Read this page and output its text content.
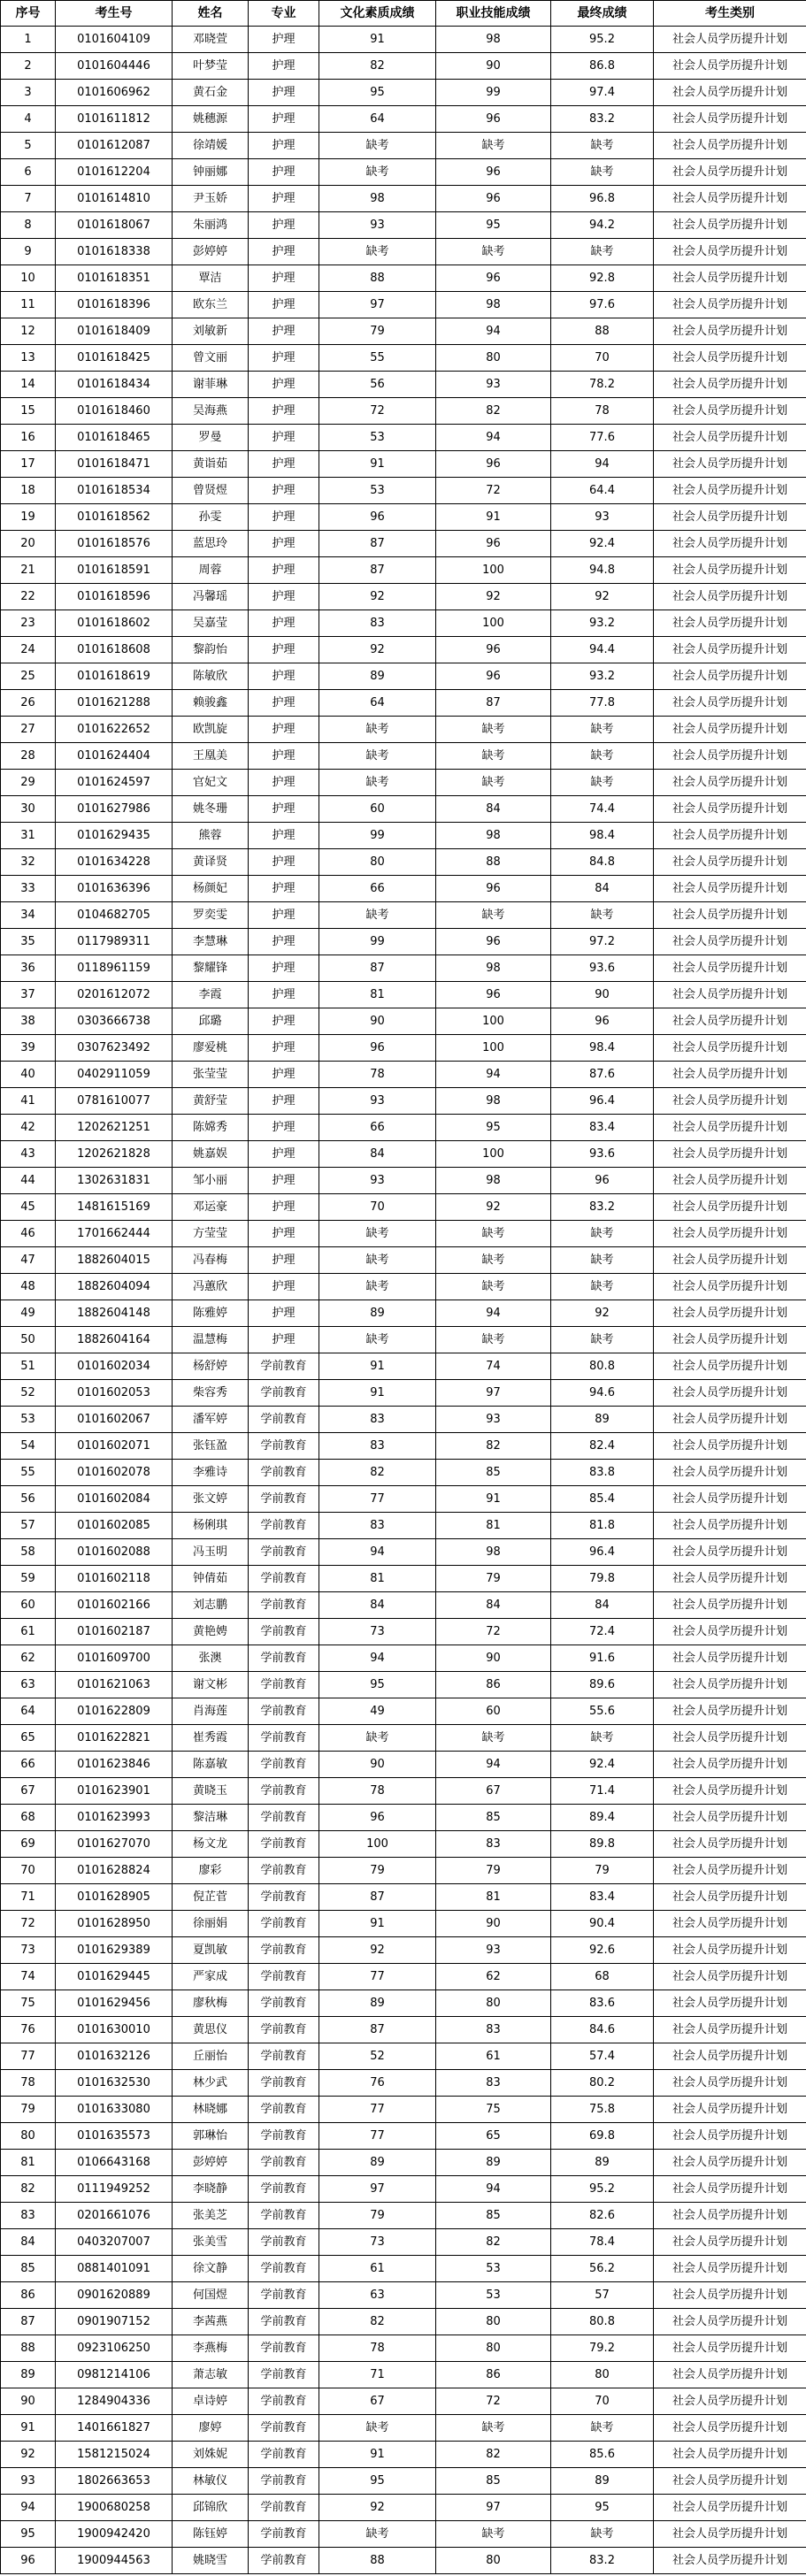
序号	考生号	姓名	专业	文化素质成绩	职业技能成绩	最终成绩	考生类别
1	0101604109	邓晓萱	护理	91	98	95.2	社会人员学历提升计划
2	0101604446	叶梦莹	护理	82	90	86.8	社会人员学历提升计划
3	0101606962	黄石金	护理	95	99	97.4	社会人员学历提升计划
4	0101611812	姚穗源	护理	64	96	83.2	社会人员学历提升计划
5	0101612087	徐靖媛	护理	缺考	缺考	缺考	社会人员学历提升计划
6	0101612204	钟丽娜	护理	缺考	96	缺考	社会人员学历提升计划
7	0101614810	尹玉娇	护理	98	96	96.8	社会人员学历提升计划
8	0101618067	朱丽鸿	护理	93	95	94.2	社会人员学历提升计划
9	0101618338	彭婷婷	护理	缺考	缺考	缺考	社会人员学历提升计划
10	0101618351	覃洁	护理	88	96	92.8	社会人员学历提升计划
11	0101618396	欧东兰	护理	97	98	97.6	社会人员学历提升计划
12	0101618409	刘敏新	护理	79	94	88	社会人员学历提升计划
13	0101618425	曾文丽	护理	55	80	70	社会人员学历提升计划
14	0101618434	谢菲琳	护理	56	93	78.2	社会人员学历提升计划
15	0101618460	吴海燕	护理	72	82	78	社会人员学历提升计划
16	0101618465	罗曼	护理	53	94	77.6	社会人员学历提升计划
17	0101618471	黄诣茹	护理	91	96	94	社会人员学历提升计划
18	0101618534	曾贤煜	护理	53	72	64.4	社会人员学历提升计划
19	0101618562	孙雯	护理	96	91	93	社会人员学历提升计划
20	0101618576	蓝思玲	护理	87	96	92.4	社会人员学历提升计划
21	0101618591	周蓉	护理	87	100	94.8	社会人员学历提升计划
22	0101618596	冯馨瑶	护理	92	92	92	社会人员学历提升计划
23	0101618602	吴嘉莹	护理	83	100	93.2	社会人员学历提升计划
24	0101618608	黎韵怡	护理	92	96	94.4	社会人员学历提升计划
25	0101618619	陈敏欣	护理	89	96	93.2	社会人员学历提升计划
26	0101621288	赖骏鑫	护理	64	87	77.8	社会人员学历提升计划
27	0101622652	欧凯旋	护理	缺考	缺考	缺考	社会人员学历提升计划
28	0101624404	王凰美	护理	缺考	缺考	缺考	社会人员学历提升计划
29	0101624597	官妃文	护理	缺考	缺考	缺考	社会人员学历提升计划
30	0101627986	姚冬珊	护理	60	84	74.4	社会人员学历提升计划
31	0101629435	熊蓉	护理	99	98	98.4	社会人员学历提升计划
32	0101634228	黄译贤	护理	80	88	84.8	社会人员学历提升计划
33	0101636396	杨颜妃	护理	66	96	84	社会人员学历提升计划
34	0104682705	罗奕雯	护理	缺考	缺考	缺考	社会人员学历提升计划
35	0117989311	李慧琳	护理	99	96	97.2	社会人员学历提升计划
36	0118961159	黎耀锋	护理	87	98	93.6	社会人员学历提升计划
37	0201612072	李霞	护理	81	96	90	社会人员学历提升计划
38	0303666738	邱璐	护理	90	100	96	社会人员学历提升计划
39	0307623492	廖爱桃	护理	96	100	98.4	社会人员学历提升计划
40	0402911059	张莹莹	护理	78	94	87.6	社会人员学历提升计划
41	0781610077	黄舒莹	护理	93	98	96.4	社会人员学历提升计划
42	1202621251	陈嫦秀	护理	66	95	83.4	社会人员学历提升计划
43	1202621828	姚嘉娱	护理	84	100	93.6	社会人员学历提升计划
44	1302631831	邹小丽	护理	93	98	96	社会人员学历提升计划
45	1481615169	邓运豪	护理	70	92	83.2	社会人员学历提升计划
46	1701662444	方莹莹	护理	缺考	缺考	缺考	社会人员学历提升计划
47	1882604015	冯春梅	护理	缺考	缺考	缺考	社会人员学历提升计划
48	1882604094	冯蕙欣	护理	缺考	缺考	缺考	社会人员学历提升计划
49	1882604148	陈雅婷	护理	89	94	92	社会人员学历提升计划
50	1882604164	温慧梅	护理	缺考	缺考	缺考	社会人员学历提升计划
51	0101602034	杨舒婷	学前教育	91	74	80.8	社会人员学历提升计划
52	0101602053	柴容秀	学前教育	91	97	94.6	社会人员学历提升计划
53	0101602067	潘军婷	学前教育	83	93	89	社会人员学历提升计划
54	0101602071	张钰盈	学前教育	83	82	82.4	社会人员学历提升计划
55	0101602078	李雅诗	学前教育	82	85	83.8	社会人员学历提升计划
56	0101602084	张文婷	学前教育	77	91	85.4	社会人员学历提升计划
57	0101602085	杨俐琪	学前教育	83	81	81.8	社会人员学历提升计划
58	0101602088	冯玉明	学前教育	94	98	96.4	社会人员学历提升计划
59	0101602118	钟倩茹	学前教育	81	79	79.8	社会人员学历提升计划
60	0101602166	刘志鹏	学前教育	84	84	84	社会人员学历提升计划
61	0101602187	黄艳娉	学前教育	73	72	72.4	社会人员学历提升计划
62	0101609700	张澳	学前教育	94	90	91.6	社会人员学历提升计划
63	0101621063	谢文彬	学前教育	95	86	89.6	社会人员学历提升计划
64	0101622809	肖海莲	学前教育	49	60	55.6	社会人员学历提升计划
65	0101622821	崔秀霞	学前教育	缺考	缺考	缺考	社会人员学历提升计划
66	0101623846	陈嘉敏	学前教育	90	94	92.4	社会人员学历提升计划
67	0101623901	黄晓玉	学前教育	78	67	71.4	社会人员学历提升计划
68	0101623993	黎洁琳	学前教育	96	85	89.4	社会人员学历提升计划
69	0101627070	杨文龙	学前教育	100	83	89.8	社会人员学历提升计划
70	0101628824	廖彩	学前教育	79	79	79	社会人员学历提升计划
71	0101628905	倪芷菅	学前教育	87	81	83.4	社会人员学历提升计划
72	0101628950	徐丽娟	学前教育	91	90	90.4	社会人员学历提升计划
73	0101629389	夏凯敏	学前教育	92	93	92.6	社会人员学历提升计划
74	0101629445	严家成	学前教育	77	62	68	社会人员学历提升计划
75	0101629456	廖秋梅	学前教育	89	80	83.6	社会人员学历提升计划
76	0101630010	黄思仪	学前教育	87	83	84.6	社会人员学历提升计划
77	0101632126	丘丽怡	学前教育	52	61	57.4	社会人员学历提升计划
78	0101632530	林少武	学前教育	76	83	80.2	社会人员学历提升计划
79	0101633080	林晓娜	学前教育	77	75	75.8	社会人员学历提升计划
80	0101635573	郭琳怡	学前教育	77	65	69.8	社会人员学历提升计划
81	0106643168	彭婷婷	学前教育	89	89	89	社会人员学历提升计划
82	0111949252	李晓静	学前教育	97	94	95.2	社会人员学历提升计划
83	0201661076	张美芝	学前教育	79	85	82.6	社会人员学历提升计划
84	0403207007	张美雪	学前教育	73	82	78.4	社会人员学历提升计划
85	0881401091	徐文静	学前教育	61	53	56.2	社会人员学历提升计划
86	0901620889	何国煜	学前教育	63	53	57	社会人员学历提升计划
87	0901907152	李茜燕	学前教育	82	80	80.8	社会人员学历提升计划
88	0923106250	李燕梅	学前教育	78	80	79.2	社会人员学历提升计划
89	0981214106	萧志敏	学前教育	71	86	80	社会人员学历提升计划
90	1284904336	卓诗婷	学前教育	67	72	70	社会人员学历提升计划
91	1401661827	廖婷	学前教育	缺考	缺考	缺考	社会人员学历提升计划
92	1581215024	刘姝妮	学前教育	91	82	85.6	社会人员学历提升计划
93	1802663653	林敏仪	学前教育	95	85	89	社会人员学历提升计划
94	1900680258	邱锦欣	学前教育	92	97	95	社会人员学历提升计划
95	1900942420	陈钰婷	学前教育	缺考	缺考	缺考	社会人员学历提升计划
96	1900944563	姚晓雪	学前教育	88	80	83.2	社会人员学历提升计划
